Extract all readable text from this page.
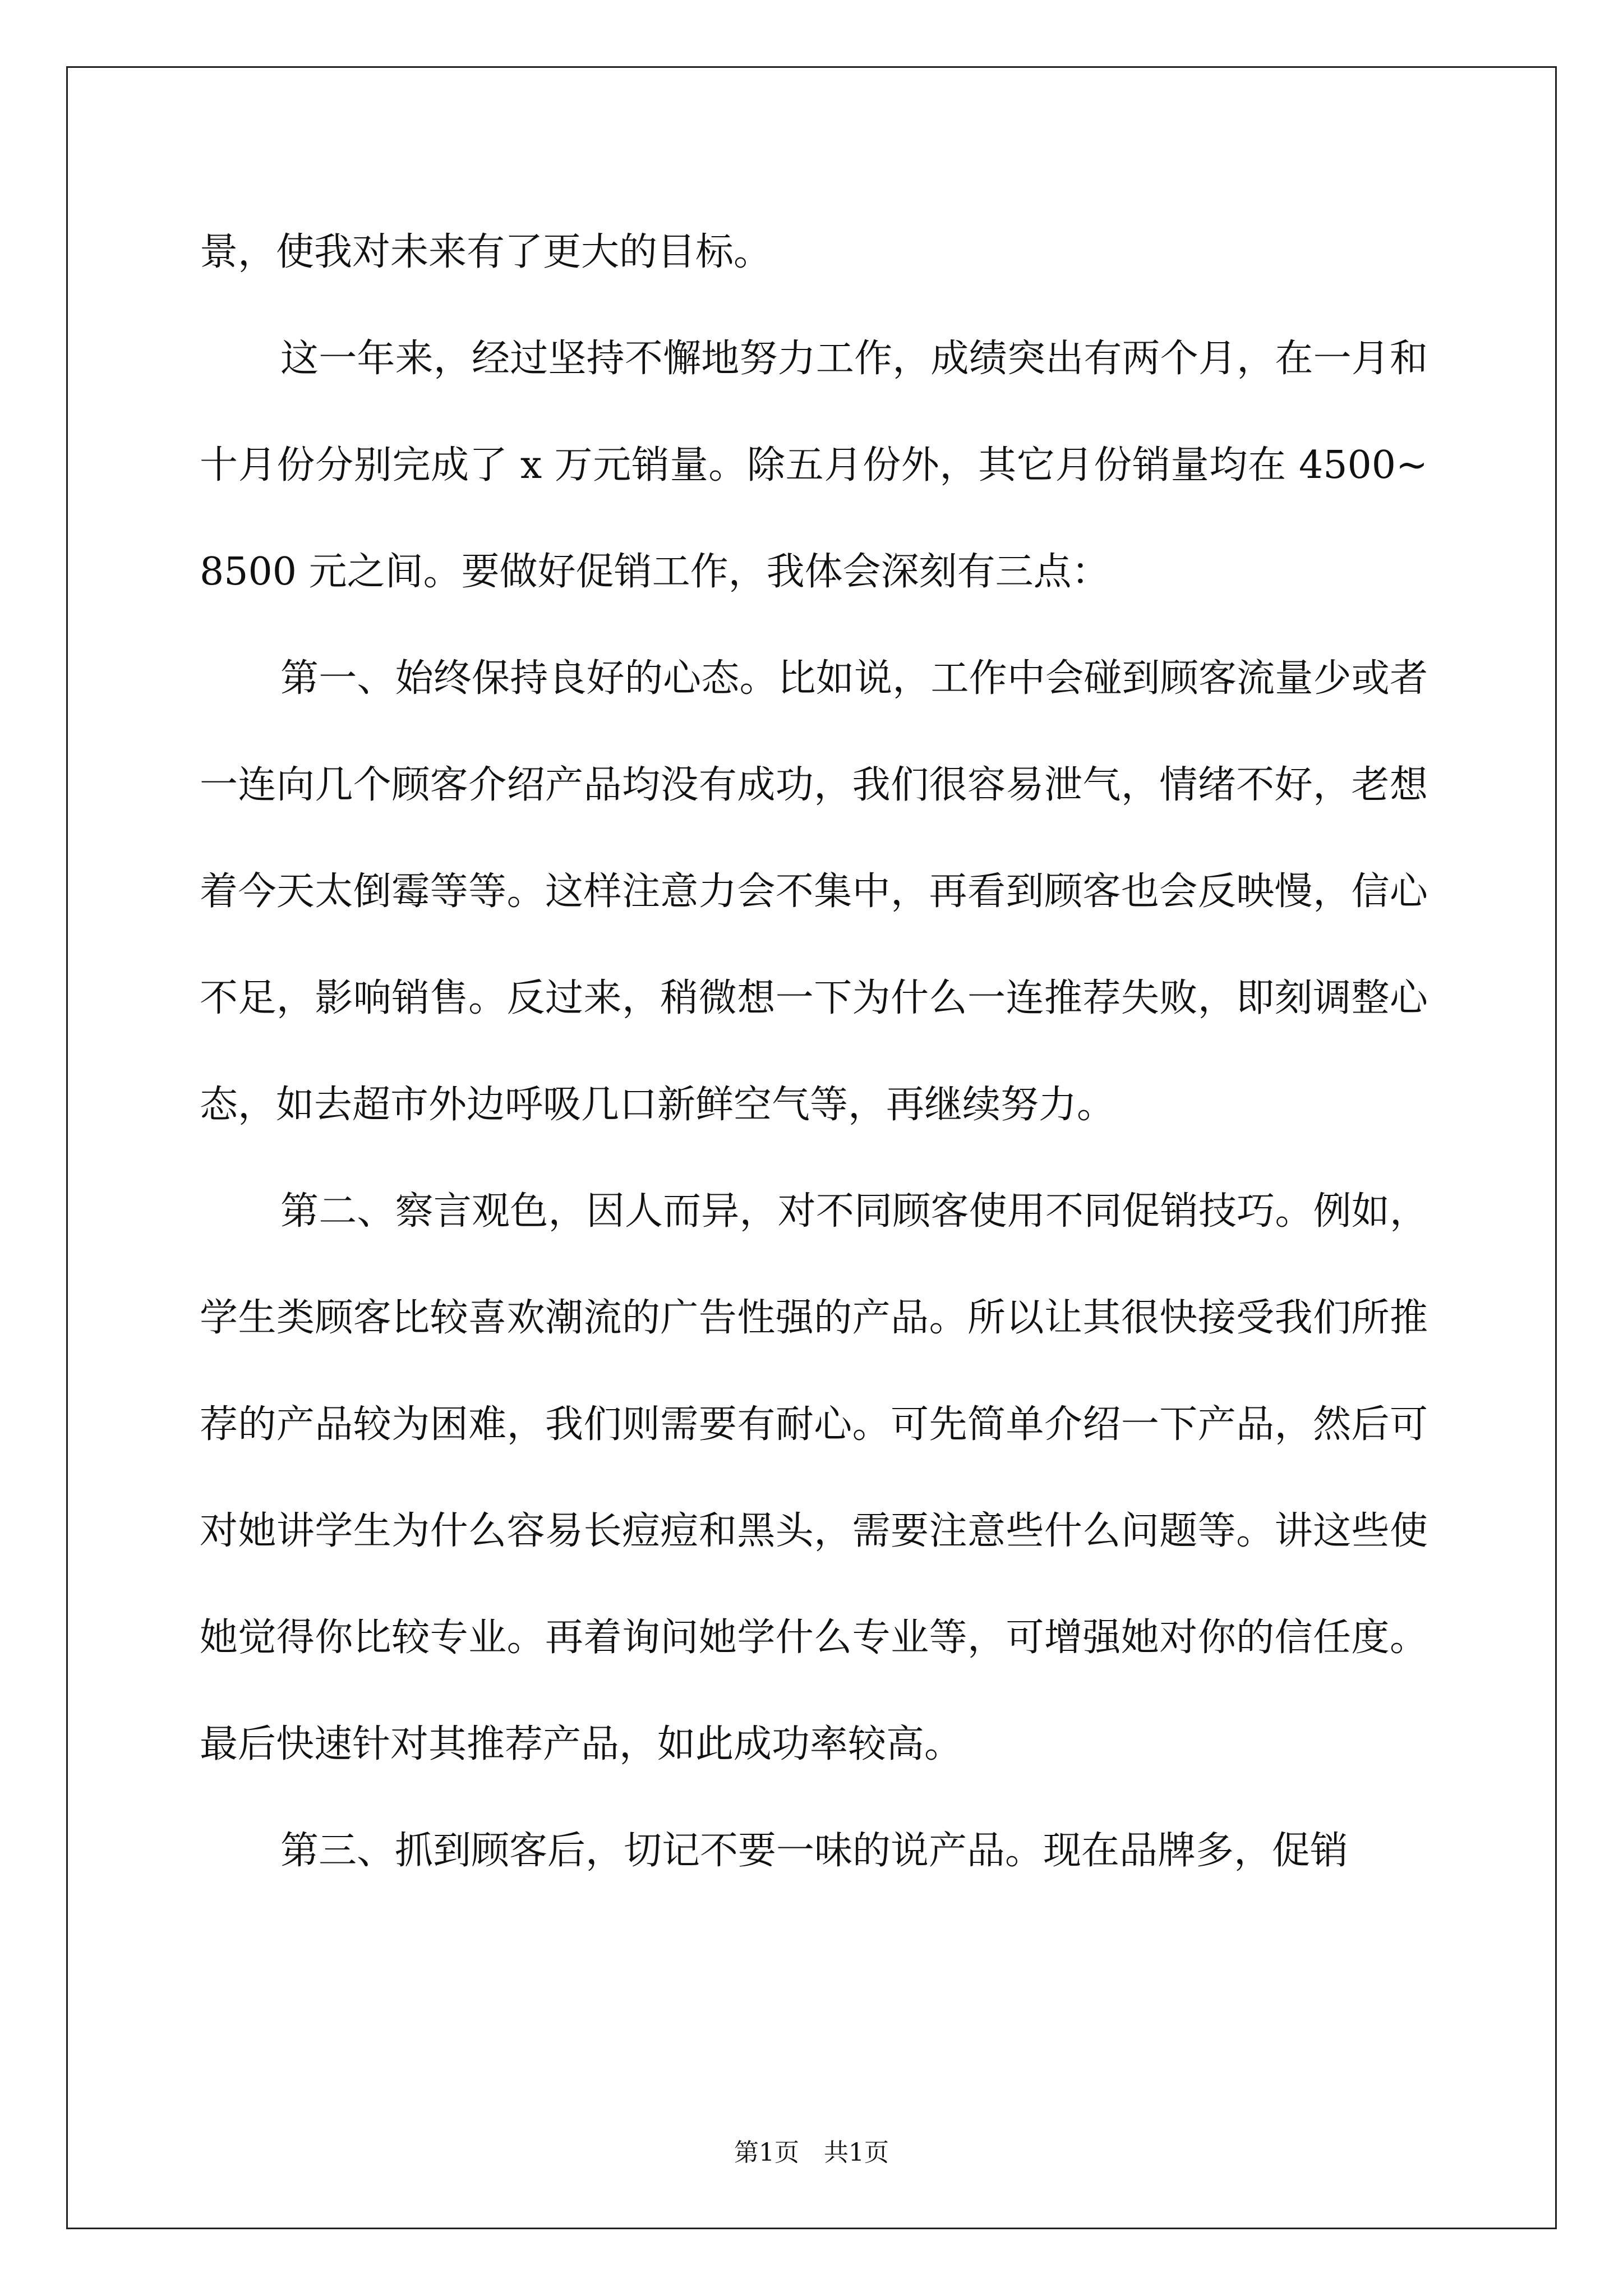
景，使我对未来有了更大的目标。

这一年来，经过坚持不懈地努力工作，成绩突出有两个月，在一月和十月份分别完成了 x 万元销量。除五月份外，其它月份销量均在 4500~8500 元之间。要做好促销工作，我体会深刻有三点：

第一、始终保持良好的心态。比如说，工作中会碰到顾客流量少或者一连向几个顾客介绍产品均没有成功，我们很容易泄气，情绪不好，老想着今天太倒霉等等。这样注意力会不集中，再看到顾客也会反映慢，信心不足，影响销售。反过来，稍微想一下为什么一连推荐失败，即刻调整心态，如去超市外边呼吸几口新鲜空气等，再继续努力。

第二、察言观色，因人而异，对不同顾客使用不同促销技巧。例如，学生类顾客比较喜欢潮流的广告性强的产品。所以让其很快接受我们所推荐的产品较为困难，我们则需要有耐心。可先简单介绍一下产品，然后可对她讲学生为什么容易长痘痘和黑头，需要注意些什么问题等。讲这些使她觉得你比较专业。再着询问她学什么专业等，可增强她对你的信任度。最后快速针对其推荐产品，如此成功率较高。

第三、抓到顾客后，切记不要一味的说产品。现在品牌多，促销

第1页 共1页
